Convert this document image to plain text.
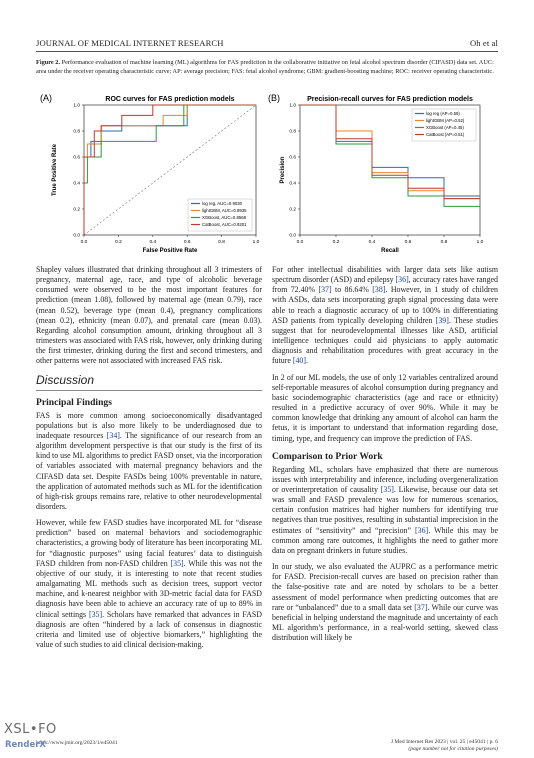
JOURNAL OF MEDICAL INTERNET RESEARCH	Oh et al
Figure 2. Performance evaluation of machine learning (ML) algorithms for FAS prediction in the collaborative initiative on fetal alcohol spectrum disorder (CIFASD) data set. AUC: area under the receiver operating characteristic curve; AP: average precision; FAS: fetal alcohol syndrome; GBM: gradient-boosting machine; ROC: receiver operating characteristic.
(A)	ROC curves for FAS prediction models
0.0	0.2	0.4	0.6	0.8	1.0
0.0
0.2
0.4
0.6
0.8
1.0
False Positive Rate
True Positive Rate
log reg, AUC=0.9030
lightGBM, AUC=0.8935
XGBoost, AUC=0.8568
CatBoost, AUC=0.9201
(B)	Precision-recall curves for FAS prediction models
0.0	0.2	0.4	0.6	0.8	1.0
0.0
0.2
0.4
0.6
0.8
1.0
Recall
Precision
log reg (AP=0.59)
lightGBM (AP=0.52)
XGBoost (AP=0.45)
CatBoost (AP=0.51)

Shapley values illustrated that drinking throughout all 3 trimesters of pregnancy, maternal age, race, and type of alcoholic beverage consumed were observed to be the most important features for prediction (mean 1.08), followed by maternal age (mean 0.79), race (mean 0.52), beverage type (mean 0.4), pregnancy complications (mean 0.2), ethnicity (mean 0.07), and prenatal care (mean 0.03). Regarding alcohol consumption amount, drinking throughout all 3 trimesters was associated with FAS risk, however, only drinking during the first trimester, drinking during the first and second trimesters, and other patterns were not associated with increased FAS risk.

Discussion
Principal Findings

FAS is more common among socioeconomically disadvantaged populations but is also more likely to be underdiagnosed due to inadequate resources [34]. The significance of our research from an algorithm development perspective is that our study is the first of its kind to use ML algorithms to predict FASD onset, via the incorporation of variables associated with maternal pregnancy behaviors and the CIFASD data set. Despite FASDs being 100% preventable in nature, the application of automated methods such as ML for the identification of high-risk groups remains rare, relative to other neurodevelopmental disorders.

However, while few FASD studies have incorporated ML for “disease prediction” based on maternal behaviors and sociodemographic characteristics, a growing body of literature has been incorporating ML for “diagnostic purposes” using facial features’ data to distinguish FASD children from non-FASD children [35]. While this was not the objective of our study, it is interesting to note that recent studies amalgamating ML methods such as decision trees, support vector machine, and k-nearest neighbor with 3D-metric facial data for FASD diagnosis have been able to achieve an accuracy rate of up to 89% in clinical settings [35]. Scholars have remarked that advances in FASD diagnosis are often “hindered by a lack of consensus in diagnostic criteria and limited use of objective biomarkers,” highlighting the value of such studies to aid clinical decision-making.

For other intellectual disabilities with larger data sets like autism spectrum disorder (ASD) and epilepsy [36], accuracy rates have ranged from 72.40% [37] to 86.64% [38]. However, in 1 study of children with ASDs, data sets incorporating graph signal processing data were able to reach a diagnostic accuracy of up to 100% in differentiating ASD patients from typically developing children [39]. These studies suggest that for neurodevelopmental illnesses like ASD, artificial intelligence techniques could aid physicians to apply automatic diagnosis and rehabilitation procedures with great accuracy in the future [40].

In 2 of our ML models, the use of only 12 variables centralized around self-reportable measures of alcohol consumption during pregnancy and basic sociodemographic characteristics (age and race or ethnicity) resulted in a predictive accuracy of over 90%. While it may be common knowledge that drinking any amount of alcohol can harm the fetus, it is important to understand that information regarding dose, timing, type, and frequency can improve the prediction of FAS.

Comparison to Prior Work

Regarding ML, scholars have emphasized that there are numerous issues with interpretability and inference, including overgeneralization or overinterpretation of causality [35]. Likewise, because our data set was small and FASD prevalence was low for numerous scenarios, certain confusion matrices had higher numbers for identifying true negatives than true positives, resulting in substantial imprecision in the estimates of “sensitivity” and “precision” [36]. While this may be common among rare outcomes, it highlights the need to gather more data on pregnant drinkers in future studies.

In our study, we also evaluated the AUPRC as a performance metric for FASD. Precision-recall curves are based on precision rather than the false-positive rate and are noted by scholars to be a better assessment of model performance when predicting outcomes that are rare or “unbalanced” due to a small data set [37]. While our curve was beneficial in helping understand the magnitude and uncertainty of each ML algorithm’s performance, in a real-world setting, skewed class distribution will likely be

https://www.jmir.org/2023/1/e45041	J Med Internet Res 2023 | vol. 25 | e45041 | p. 6
(page number not for citation purposes)
XSL•FO
RenderX
